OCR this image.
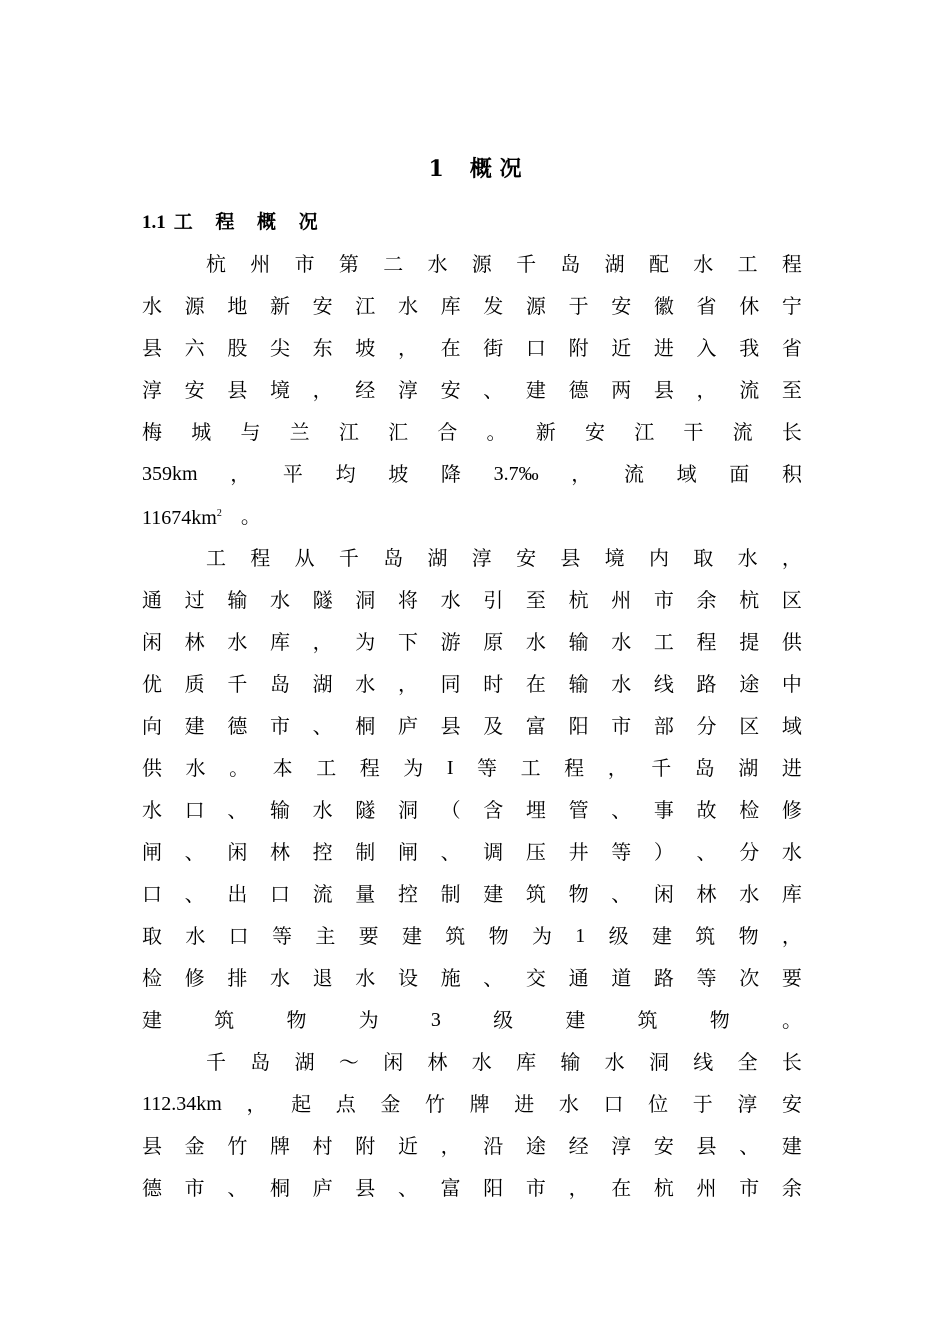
1 概 况
1.1 工 程 概 况
杭 州 市 第 二 水 源 千 岛 湖 配 水 工 程
水 源 地 新 安 江 水 库 发 源 于 安 徽 省 休 宁
县 六 股 尖 东 坡 ， 在 街 口 附 近 进 入 我 省
淳 安 县 境 ， 经 淳 安 、 建 德 两 县 ， 流 至
梅 城 与 兰 江 汇 合 。 新 安 江 干 流 长
359km ， 平 均 坡 降 3.7‰ ， 流 域 面 积
$11674km^2$ 。
工 程 从 千 岛 湖 淳 安 县 境 内 取 水 ，
通 过 输 水 隧 洞 将 水 引 至 杭 州 市 余 杭 区
闲 林 水 库 ， 为 下 游 原 水 输 水 工 程 提 供
优 质 千 岛 湖 水 ， 同 时 在 输 水 线 路 途 中
向 建 德 市 、 桐 庐 县 及 富 阳 市 部 分 区 域
供 水 。 本 工 程 为 I 等 工 程 ， 千 岛 湖 进
水 口 、 输 水 隧 洞 （ 含 埋 管 、 事 故 检 修
闸 、 闲 林 控 制 闸 、 调 压 井 等 ） 、 分 水
口 、 出 口 流 量 控 制 建 筑 物 、 闲 林 水 库
取 水 口 等 主 要 建 筑 物 为 1 级 建 筑 物 ，
检 修 排 水 退 水 设 施 、 交 通 道 路 等 次 要
建	筑	物	为	3	级	建	筑	物	。
千 岛 湖 ～ 闲 林 水 库 输 水 洞 线 全 长
112.34km ， 起 点 金 竹 牌 进 水 口 位 于 淳 安
县 金 竹 牌 村 附 近 ， 沿 途 经 淳 安 县 、 建
德 市 、 桐 庐 县 、 富 阳 市 ， 在 杭 州 市 余
